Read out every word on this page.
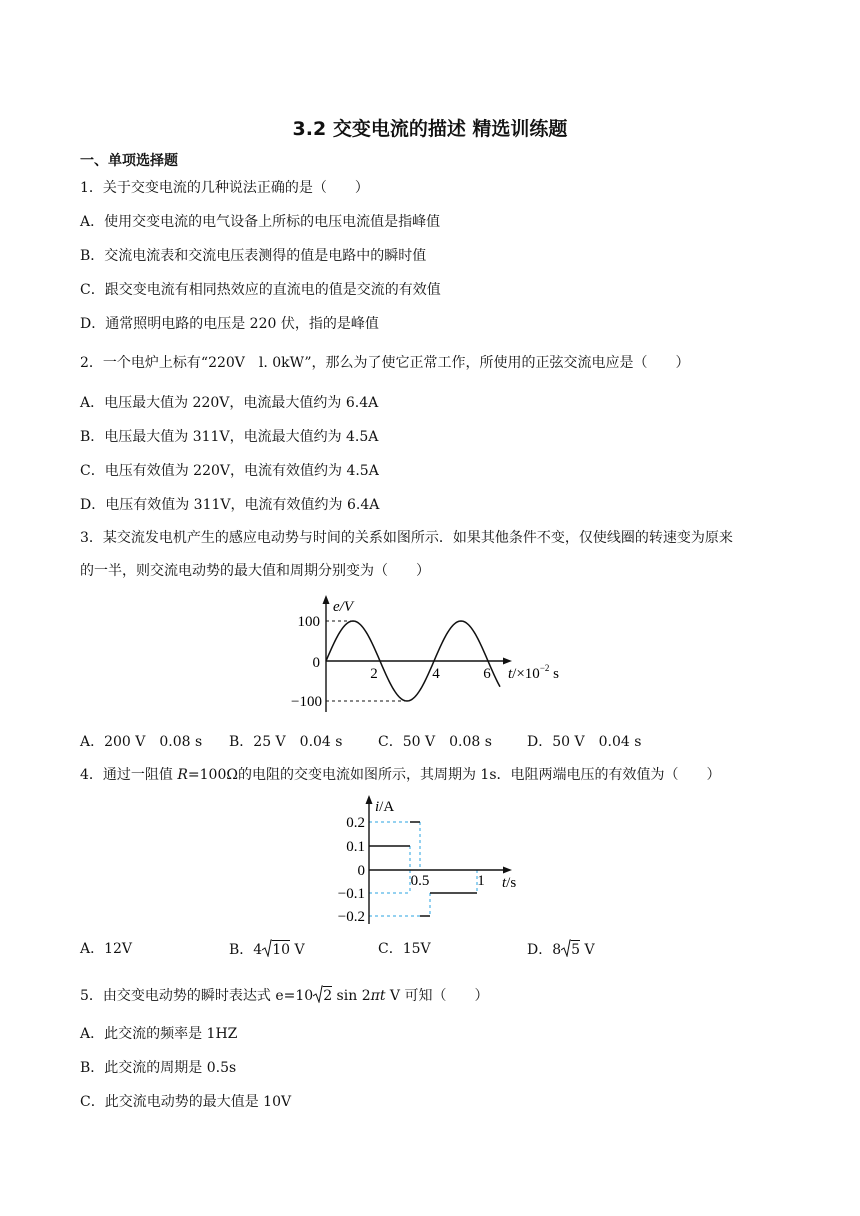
3.2 交变电流的描述 精选训练题
一、单项选择题
1．关于交变电流的几种说法正确的是（　　）
A．使用交变电流的电气设备上所标的电压电流值是指峰值
B．交流电流表和交流电压表测得的值是电路中的瞬时值
C．跟交变电流有相同热效应的直流电的值是交流的有效值
D．通常照明电路的电压是 220 伏，指的是峰值
2．一个电炉上标有“220V　l. 0kW”，那么为了使它正常工作，所使用的正弦交流电应是（　　）
A．电压最大值为 220V，电流最大值约为 6.4A
B．电压最大值为 311V，电流最大值约为 4.5A
C．电压有效值为 220V，电流有效值约为 4.5A
D．电压有效值为 311V，电流有效值约为 6.4A
3．某交流发电机产生的感应电动势与时间的关系如图所示．如果其他条件不变，仅使线圈的转速变为原来
的一半，则交流电动势的最大值和周期分别变为（　　）
e/V
100
0
−100
2	4	6 $t/\times 10^{-2}$ s
A．200 V　0.08 s B．25 V　0.04 s	C．50 V　0.08 s	D．50 V　0.04 s
4．通过一阻值 R=100Ω的电阻的交变电流如图所示，其周期为 1s．电阻两端电压的有效值为（　　）
i/A
0.2
0.1
0
−0.1
−0.2
0.5	1 t/s
A．12V	B．4 10 V	C．15V	D．8 5 V
5．由交变电动势的瞬时表达式 e=10 2 sin 2πt V 可知（　　）
A．此交流的频率是 1HZ
B．此交流的周期是 0.5s
C．此交流电动势的最大值是 10V
